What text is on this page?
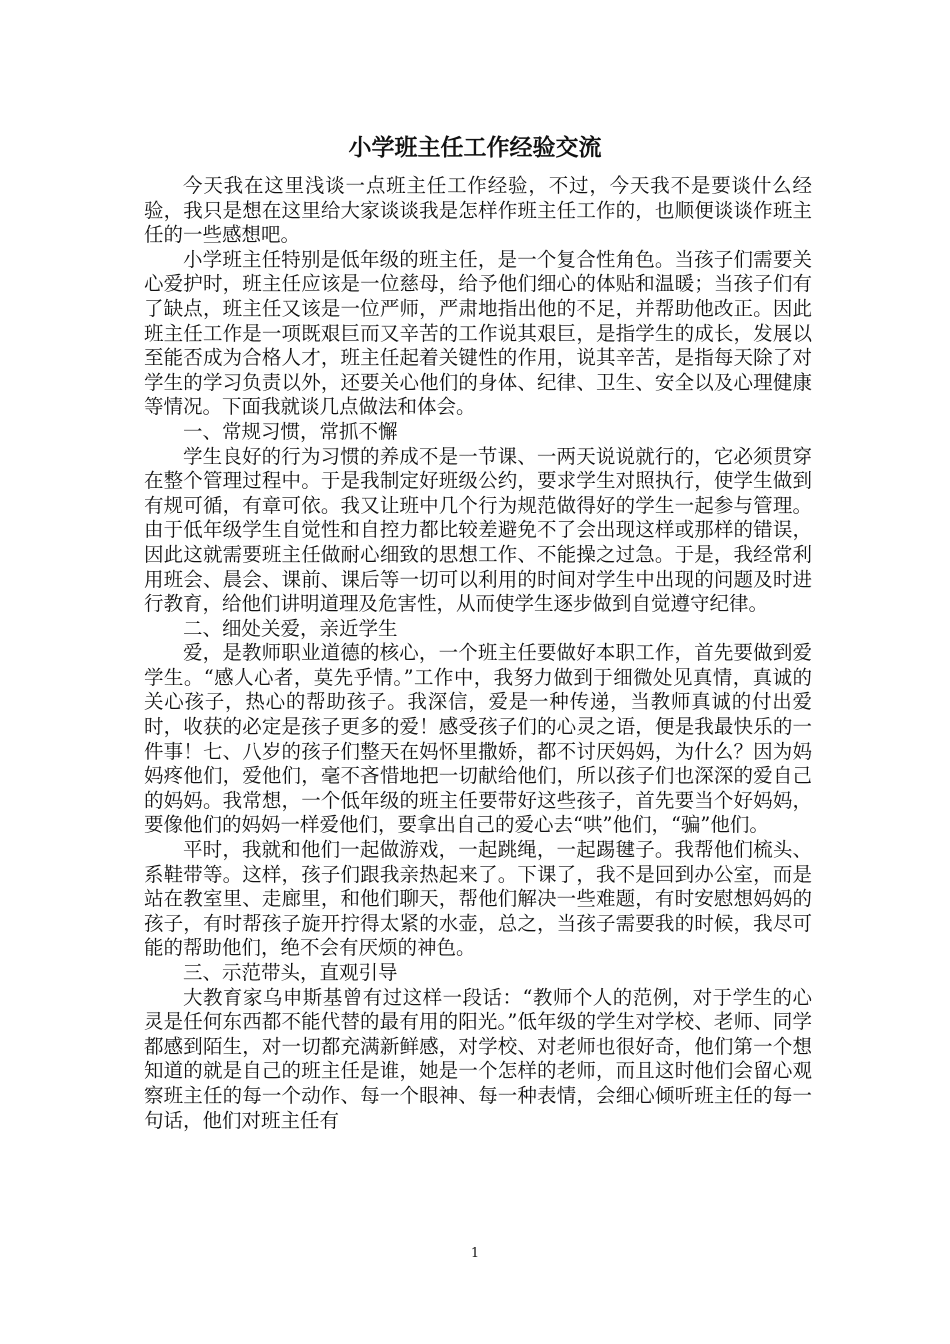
小学班主任工作经验交流

今天我在这里浅谈一点班主任工作经验，不过，今天我不是要谈什么经验，我只是想在这里给大家谈谈我是怎样作班主任工作的，也顺便谈谈作班主任的一些感想吧。

小学班主任特别是低年级的班主任，是一个复合性角色。当孩子们需要关心爱护时，班主任应该是一位慈母，给予他们细心的体贴和温暖；当孩子们有了缺点，班主任又该是一位严师，严肃地指出他的不足，并帮助他改正。因此班主任工作是一项既艰巨而又辛苦的工作说其艰巨，是指学生的成长，发展以至能否成为合格人才，班主任起着关键性的作用，说其辛苦，是指每天除了对学生的学习负责以外，还要关心他们的身体、纪律、卫生、安全以及心理健康等情况。下面我就谈几点做法和体会。

一、常规习惯，常抓不懈

学生良好的行为习惯的养成不是一节课、一两天说说就行的，它必须贯穿在整个管理过程中。于是我制定好班级公约，要求学生对照执行，使学生做到有规可循，有章可依。我又让班中几个行为规范做得好的学生一起参与管理。由于低年级学生自觉性和自控力都比较差避免不了会出现这样或那样的错误，因此这就需要班主任做耐心细致的思想工作、不能操之过急。于是，我经常利用班会、晨会、课前、课后等一切可以利用的时间对学生中出现的问题及时进行教育，给他们讲明道理及危害性，从而使学生逐步做到自觉遵守纪律。

二、细处关爱，亲近学生

爱，是教师职业道德的核心，一个班主任要做好本职工作，首先要做到爱学生。“感人心者，莫先乎情。”工作中，我努力做到于细微处见真情，真诚的关心孩子，热心的帮助孩子。我深信，爱是一种传递，当教师真诚的付出爱时，收获的必定是孩子更多的爱！感受孩子们的心灵之语，便是我最快乐的一件事！七、八岁的孩子们整天在妈怀里撒娇，都不讨厌妈妈，为什么？因为妈妈疼他们，爱他们，毫不吝惜地把一切献给他们，所以孩子们也深深的爱自己的妈妈。我常想，一个低年级的班主任要带好这些孩子，首先要当个好妈妈，要像他们的妈妈一样爱他们，要拿出自己的爱心去“哄”他们，“骗”他们。

平时，我就和他们一起做游戏，一起跳绳，一起踢毽子。我帮他们梳头、系鞋带等。这样，孩子们跟我亲热起来了。下课了，我不是回到办公室，而是站在教室里、走廊里，和他们聊天，帮他们解决一些难题，有时安慰想妈妈的孩子，有时帮孩子旋开拧得太紧的水壶，总之，当孩子需要我的时候，我尽可能的帮助他们，绝不会有厌烦的神色。

三、示范带头，直观引导

大教育家乌申斯基曾有过这样一段话：“教师个人的范例，对于学生的心灵是任何东西都不能代替的最有用的阳光。”低年级的学生对学校、老师、同学都感到陌生，对一切都充满新鲜感，对学校、对老师也很好奇，他们第一个想知道的就是自己的班主任是谁，她是一个怎样的老师，而且这时他们会留心观察班主任的每一个动作、每一个眼神、每一种表情，会细心倾听班主任的每一句话，他们对班主任有

1
